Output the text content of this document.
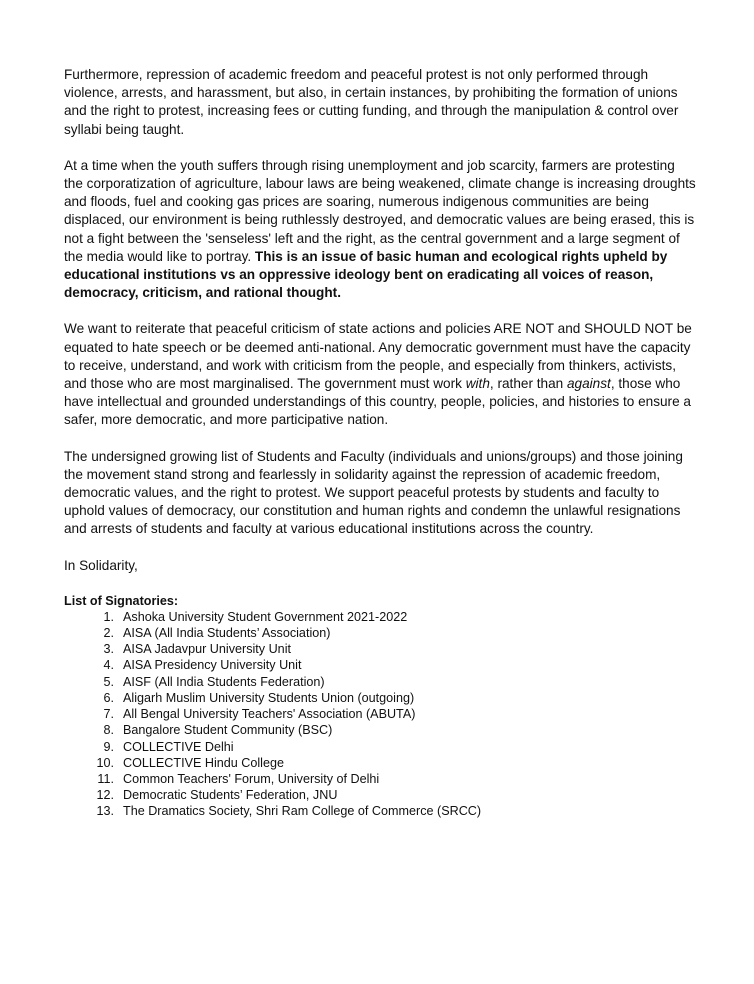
Furthermore, repression of academic freedom and peaceful protest is not only performed through violence, arrests, and harassment, but also, in certain instances, by prohibiting the formation of unions and the right to protest, increasing fees or cutting funding, and through the manipulation & control over syllabi being taught.

At a time when the youth suffers through rising unemployment and job scarcity, farmers are protesting the corporatization of agriculture, labour laws are being weakened, climate change is increasing droughts and floods, fuel and cooking gas prices are soaring, numerous indigenous communities are being displaced, our environment is being ruthlessly destroyed, and democratic values are being erased, this is not a fight between the 'senseless' left and the right, as the central government and a large segment of the media would like to portray. This is an issue of basic human and ecological rights upheld by educational institutions vs an oppressive ideology bent on eradicating all voices of reason, democracy, criticism, and rational thought.

We want to reiterate that peaceful criticism of state actions and policies ARE NOT and SHOULD NOT be equated to hate speech or be deemed anti-national. Any democratic government must have the capacity to receive, understand, and work with criticism from the people, and especially from thinkers, activists, and those who are most marginalised. The government must work with, rather than against, those who have intellectual and grounded understandings of this country, people, policies, and histories to ensure a safer, more democratic, and more participative nation.

The undersigned growing list of Students and Faculty (individuals and unions/groups) and those joining the movement stand strong and fearlessly in solidarity against the repression of academic freedom, democratic values, and the right to protest. We support peaceful protests by students and faculty to uphold values of democracy, our constitution and human rights and condemn the unlawful resignations and arrests of students and faculty at various educational institutions across the country.

In Solidarity,

List of Signatories:

1. Ashoka University Student Government 2021-2022
2. AISA (All India Students’ Association)
3. AISA Jadavpur University Unit
4. AISA Presidency University Unit
5. AISF (All India Students Federation)
6. Aligarh Muslim University Students Union (outgoing)
7. All Bengal University Teachers' Association (ABUTA)
8. Bangalore Student Community (BSC)
9. COLLECTIVE Delhi
10. COLLECTIVE Hindu College
11. Common Teachers' Forum, University of Delhi
12. Democratic Students’ Federation, JNU
13. The Dramatics Society, Shri Ram College of Commerce (SRCC)
